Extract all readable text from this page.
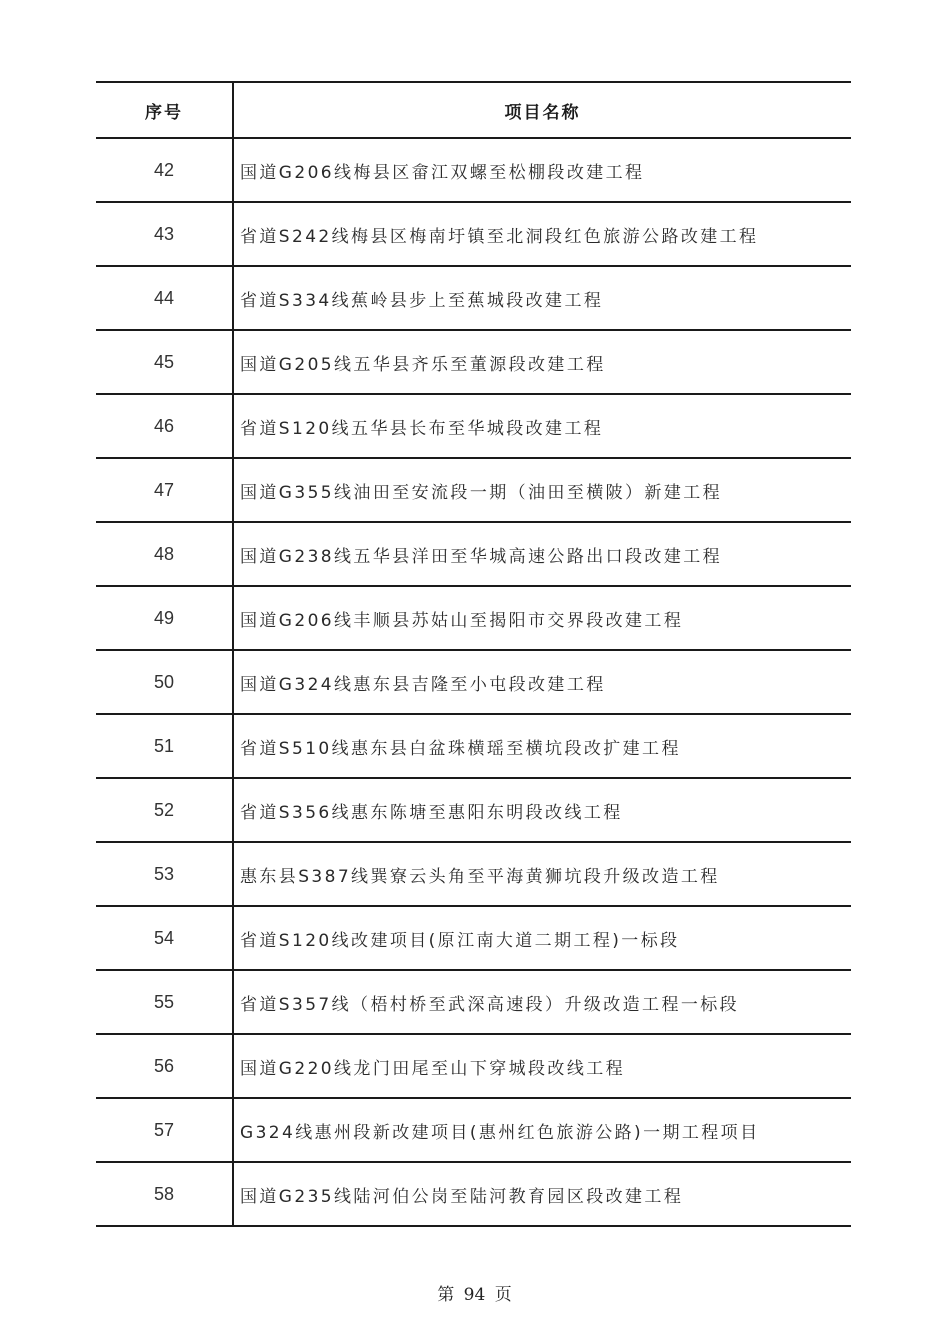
序号	项目名称
42	国道G206线梅县区畲江双螺至松棚段改建工程
43	省道S242线梅县区梅南圩镇至北洞段红色旅游公路改建工程
44	省道S334线蕉岭县步上至蕉城段改建工程
45	国道G205线五华县齐乐至董源段改建工程
46	省道S120线五华县长布至华城段改建工程
47	国道G355线油田至安流段一期（油田至横陂）新建工程
48	国道G238线五华县洋田至华城高速公路出口段改建工程
49	国道G206线丰顺县苏姑山至揭阳市交界段改建工程
50	国道G324线惠东县吉隆至小屯段改建工程
51	省道S510线惠东县白盆珠横瑶至横坑段改扩建工程
52	省道S356线惠东陈塘至惠阳东明段改线工程
53	惠东县S387线巽寮云头角至平海黄狮坑段升级改造工程
54	省道S120线改建项目(原江南大道二期工程)一标段
55	省道S357线（梧村桥至武深高速段）升级改造工程一标段
56	国道G220线龙门田尾至山下穿城段改线工程
57	G324线惠州段新改建项目(惠州红色旅游公路)一期工程项目
58	国道G235线陆河伯公岗至陆河教育园区段改建工程
第 94 页
